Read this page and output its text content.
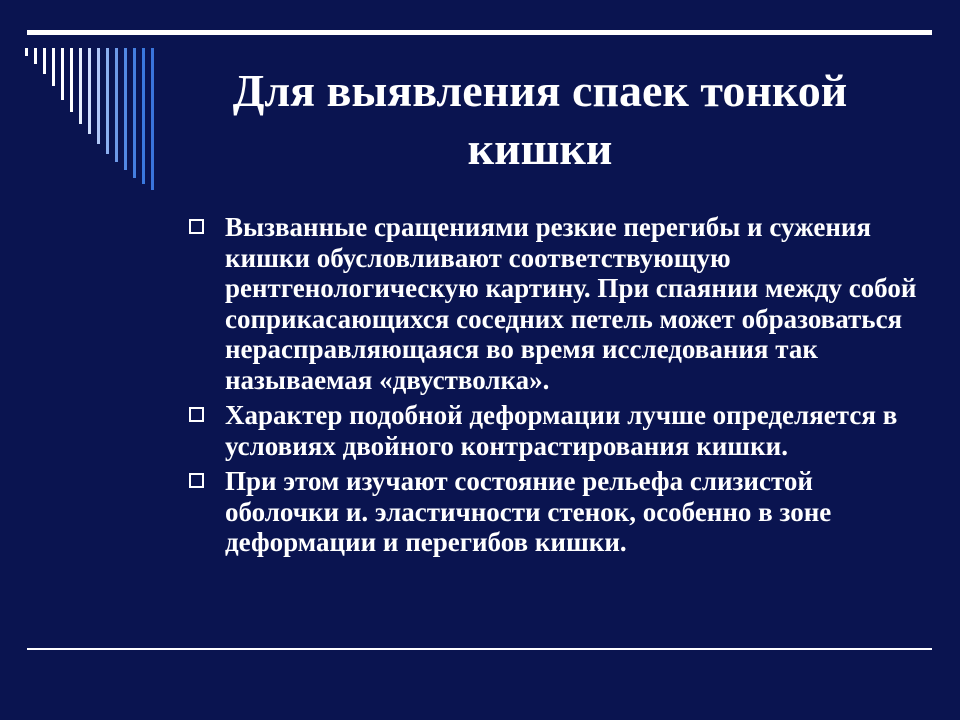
Для выявления спаек тонкой кишки
Вызванные сращениями резкие перегибы и сужения кишки обусловливают соответствующую рентгенологическую картину. При спаянии между собой соприкасающихся соседних петель может образоваться нерасправляющаяся во время исследования так называемая «двустволка».
Характер подобной деформации лучше определяется в условиях двойного контрастирования кишки.
При этом изучают состояние рельефа слизистой оболочки и. эластичности стенок, особенно в зоне деформации и перегибов кишки.
